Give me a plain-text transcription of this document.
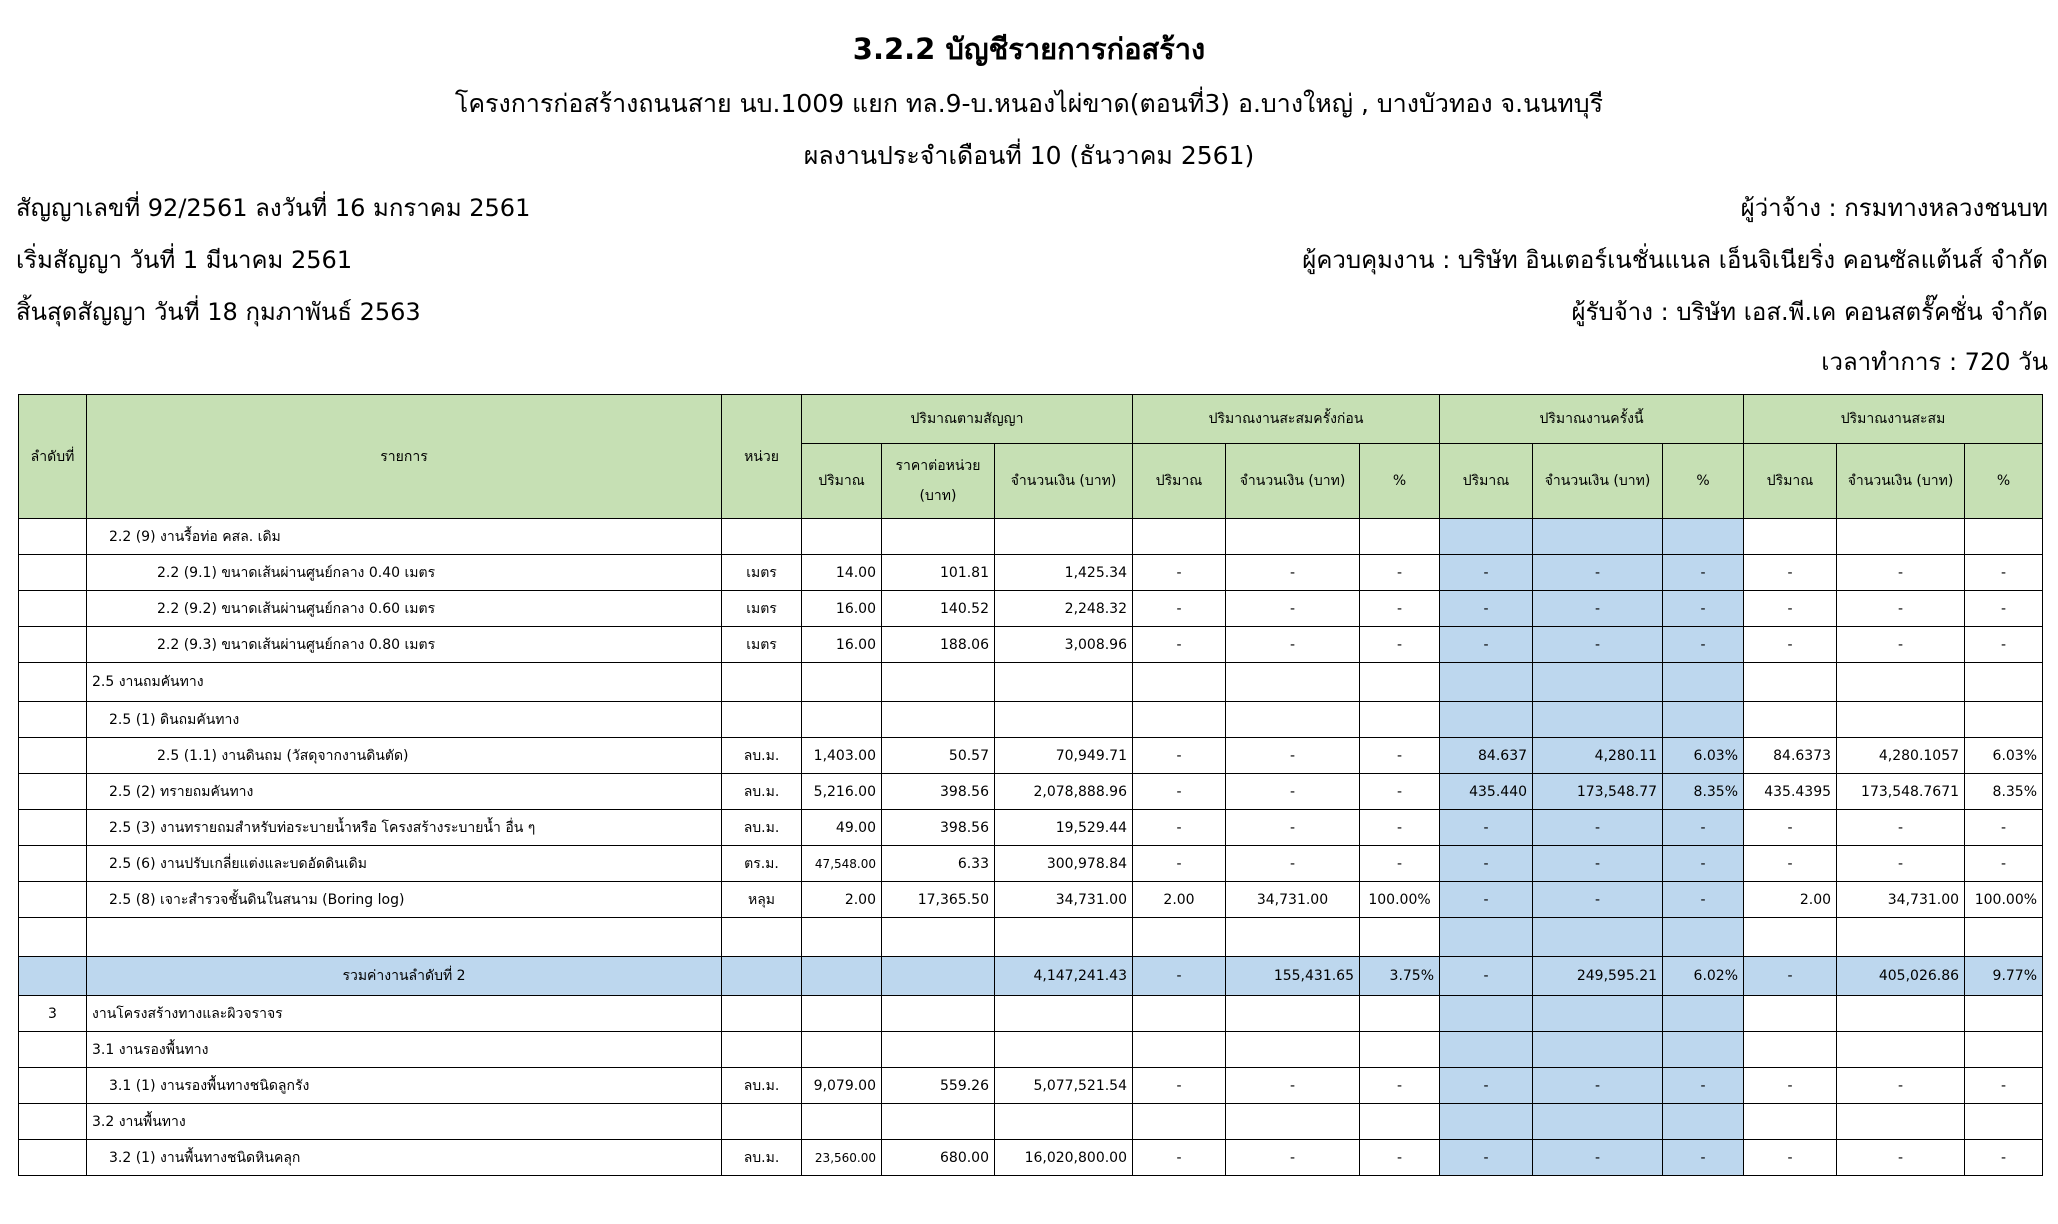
3.2.2 บัญชีรายการก่อสร้าง
โครงการก่อสร้างถนนสาย นบ.1009 แยก ทล.9-บ.หนองไผ่ขาด(ตอนที่3) อ.บางใหญ่ , บางบัวทอง จ.นนทบุรี
ผลงานประจำเดือนที่ 10 (ธันวาคม 2561)
สัญญาเลขที่ 92/2561 ลงวันที่ 16 มกราคม 2561
เริ่มสัญญา วันที่ 1 มีนาคม 2561
สิ้นสุดสัญญา วันที่ 18 กุมภาพันธ์ 2563
ผู้ว่าจ้าง : กรมทางหลวงชนบท
ผู้ควบคุมงาน : บริษัท อินเตอร์เนชั่นแนล เอ็นจิเนียริ่ง คอนซัลแต้นส์ จำกัด
ผู้รับจ้าง : บริษัท เอส.พี.เค คอนสตรั๊คชั่น จำกัด
เวลาทำการ : 720 วัน
ลำดับที่	รายการ	หน่วย	ปริมาณตามสัญญา			ปริมาณงานสะสมครั้งก่อน			ปริมาณงานครั้งนี้			ปริมาณงานสะสม		
			ปริมาณ	ราคาต่อหน่วย (บาท)	จำนวนเงิน (บาท)	ปริมาณ	จำนวนเงิน (บาท)	%	ปริมาณ	จำนวนเงิน (บาท)	%	ปริมาณ	จำนวนเงิน (บาท)	%
	2.2 (9) งานรื้อท่อ คสล. เดิม													
	2.2 (9.1) ขนาดเส้นผ่านศูนย์กลาง 0.40 เมตร	เมตร	14.00	101.81	1,425.34	-	-	-	-	-	-	-	-	-
	2.2 (9.2) ขนาดเส้นผ่านศูนย์กลาง 0.60 เมตร	เมตร	16.00	140.52	2,248.32	-	-	-	-	-	-	-	-	-
	2.2 (9.3) ขนาดเส้นผ่านศูนย์กลาง 0.80 เมตร	เมตร	16.00	188.06	3,008.96	-	-	-	-	-	-	-	-	-
	2.5 งานถมคันทาง													
	2.5 (1) ดินถมคันทาง													
	2.5 (1.1) งานดินถม (วัสดุจากงานดินตัด)	ลบ.ม.	1,403.00	50.57	70,949.71	-	-	-	84.637	4,280.11	6.03%	84.6373	4,280.1057	6.03%
	2.5 (2) ทรายถมคันทาง	ลบ.ม.	5,216.00	398.56	2,078,888.96	-	-	-	435.440	173,548.77	8.35%	435.4395	173,548.7671	8.35%
	2.5 (3) งานทรายถมสำหรับท่อระบายน้ำหรือ โครงสร้างระบายน้ำ อื่น ๆ	ลบ.ม.	49.00	398.56	19,529.44	-	-	-	-	-	-	-	-	-
	2.5 (6) งานปรับเกลี่ยแต่งและบดอัดดินเดิม	ตร.ม.	47,548.00	6.33	300,978.84	-	-	-	-	-	-	-	-	-
	2.5 (8) เจาะสำรวจชั้นดินในสนาม (Boring log)	หลุม	2.00	17,365.50	34,731.00	2.00	34,731.00	100.00%	-	-	-	2.00	34,731.00	100.00%

	รวมค่างานลำดับที่ 2				4,147,241.43	-	155,431.65	3.75%	-	249,595.21	6.02%	-	405,026.86	9.77%
3	งานโครงสร้างทางและผิวจราจร													
	3.1 งานรองพื้นทาง													
	3.1 (1) งานรองพื้นทางชนิดลูกรัง	ลบ.ม.	9,079.00	559.26	5,077,521.54	-	-	-	-	-	-	-	-	-
	3.2 งานพื้นทาง													
	3.2 (1) งานพื้นทางชนิดหินคลุก	ลบ.ม.	23,560.00	680.00	16,020,800.00	-	-	-	-	-	-	-	-	-
